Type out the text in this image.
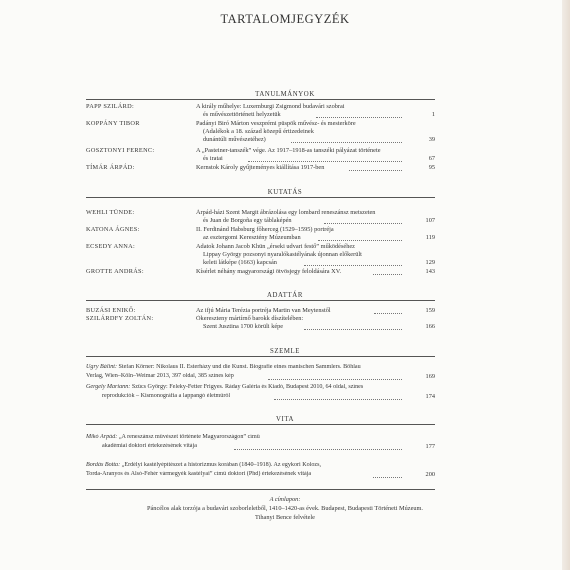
TARTALOMJEGYZÉK
TANULMÁNYOK
PAPP SZILÁRD:	A király műhelye: Luxemburgi Zsigmond budavári szobrai
és művészettörténeti helyzetük	1
KOPPÁNY TIBOR	Padányi Biró Márton veszprémi püspök művész- és mesterköre
(Adalékok a 18. század közepű értizedeinek
dunántúli művészetéhez)	39
GOSZTONYI FERENC:	A „Pasteiner-tanszék” vége. Az 1917–1918-as tanszéki pályázat története
és iratai	67
TÍMÁR ÁRPÁD:	Kernstok Károly gyűjteményes kiállítása 1917-ben	95
KUTATÁS
WEHLI TÜNDE:	Árpád-házi Szent Margit ábrázolása egy lombard reneszánsz metszeten
és Juan de Borgoña egy táblaképén	107
KATONA ÁGNES:	II. Ferdinánd Habsburg főherceg (1529–1595) portréja
az esztergomi Keresztény Múzeumban	119
ECSEDY ANNA:	Adatok Johann Jacob Khün „érseki udvari festő” működéséhez
Lippay György pozsonyi nyaralókastélyának újonnan előkerült
keleti látképe (1663) kapcsán	129
GROTTE ANDRÁS:	Kísérlet néhány magyarországi ötvösjegy feloldására XV.	143
ADATTÁR
BUZÁSI ENIKŐ:	Az ifjú Mária Terézia portréja Martin van Meytenstől	159
SZILÁRDFY ZOLTÁN:	Ókereszteny mártírnő barokk díszítelében:
Szent Jusztina 1700 körüli képe	166
SZEMLE
Ugry Bálint: Stefan Körner: Nikolaus II. Esterházy und die Kunst. Biografie eines manischen Sammlers. Böhlau
Verlag, Wien–Köln–Weimar 2013, 397 oldal, 385 színes kép	169
Gergely Mariann: Szűcs György: Feleky-Fetter Frigyes. Ráday Galéria és Kiadó, Budapest 2010, 64 oldal, színes
reprodukciók – Kismonográfia a lappangó életműről	174
VITA
Mikó Árpád: „A reneszánsz művészet története Magyarországon” című
akadémiai doktori értekezésének vitája	177
Bordás Botta: „Erdélyi kastélyépítészet a historizmus korában (1840–1918). Az egykori Kolozs,
Torda-Aranyos és Alsó-Fehér vármegyék kastélyai” című doktori (Phd) értekezésének vitája	200
A címlapon:
Páncélos alak torzója a budavári szoborleletből, 1410–1420-as évek. Budapest, Budapesti Történeti Múzeum.
Tihanyi Bence felvétele
